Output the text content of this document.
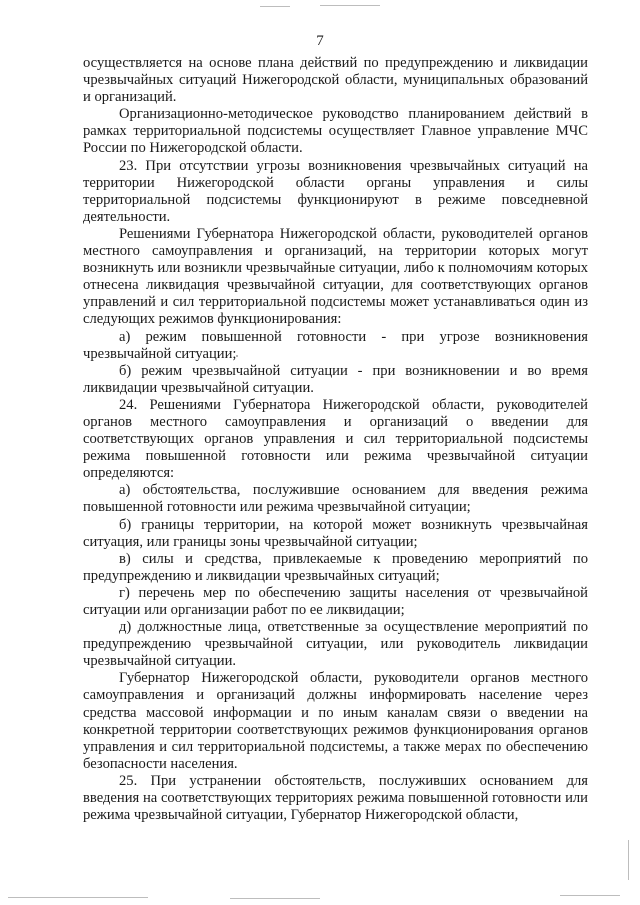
7

осуществляется на основе плана действий по предупреждению и ликвидации чрезвычайных ситуаций Нижегородской области, муниципальных образований и организаций.

Организационно-методическое руководство планированием действий в рамках территориальной подсистемы осуществляет Главное управление МЧС России по Нижегородской области.

23. При отсутствии угрозы возникновения чрезвычайных ситуаций на территории Нижегородской области органы управления и силы территориальной подсистемы функционируют в режиме повседневной деятельности.

Решениями Губернатора Нижегородской области, руководителей органов местного самоуправления и организаций, на территории которых могут возникнуть или возникли чрезвычайные ситуации, либо к полномочиям которых отнесена ликвидация чрезвычайной ситуации, для соответствующих органов управлений и сил территориальной подсистемы может устанавливаться один из следующих режимов функционирования:

а) режим повышенной готовности - при угрозе возникновения чрезвычайной ситуации;

б) режим чрезвычайной ситуации - при возникновении и во время ликвидации чрезвычайной ситуации.

24. Решениями Губернатора Нижегородской области, руководителей органов местного самоуправления и организаций о введении для соответствующих органов управления и сил территориальной подсистемы режима повышенной готовности или режима чрезвычайной ситуации определяются:

а) обстоятельства, послужившие основанием для введения режима повышенной готовности или режима чрезвычайной ситуации;

б) границы территории, на которой может возникнуть чрезвычайная ситуация, или границы зоны чрезвычайной ситуации;

в) силы и средства, привлекаемые к проведению мероприятий по предупреждению и ликвидации чрезвычайных ситуаций;

г) перечень мер по обеспечению защиты населения от чрезвычайной ситуации или организации работ по ее ликвидации;

д) должностные лица, ответственные за осуществление мероприятий по предупреждению чрезвычайной ситуации, или руководитель ликвидации чрезвычайной ситуации.

Губернатор Нижегородской области, руководители органов местного самоуправления и организаций должны информировать население через средства массовой информации и по иным каналам связи о введении на конкретной территории соответствующих режимов функционирования органов управления и сил территориальной подсистемы, а также мерах по обеспечению безопасности населения.

25. При устранении обстоятельств, послуживших основанием для введения на соответствующих территориях режима повышенной готовности или режима чрезвычайной ситуации, Губернатор Нижегородской области,
